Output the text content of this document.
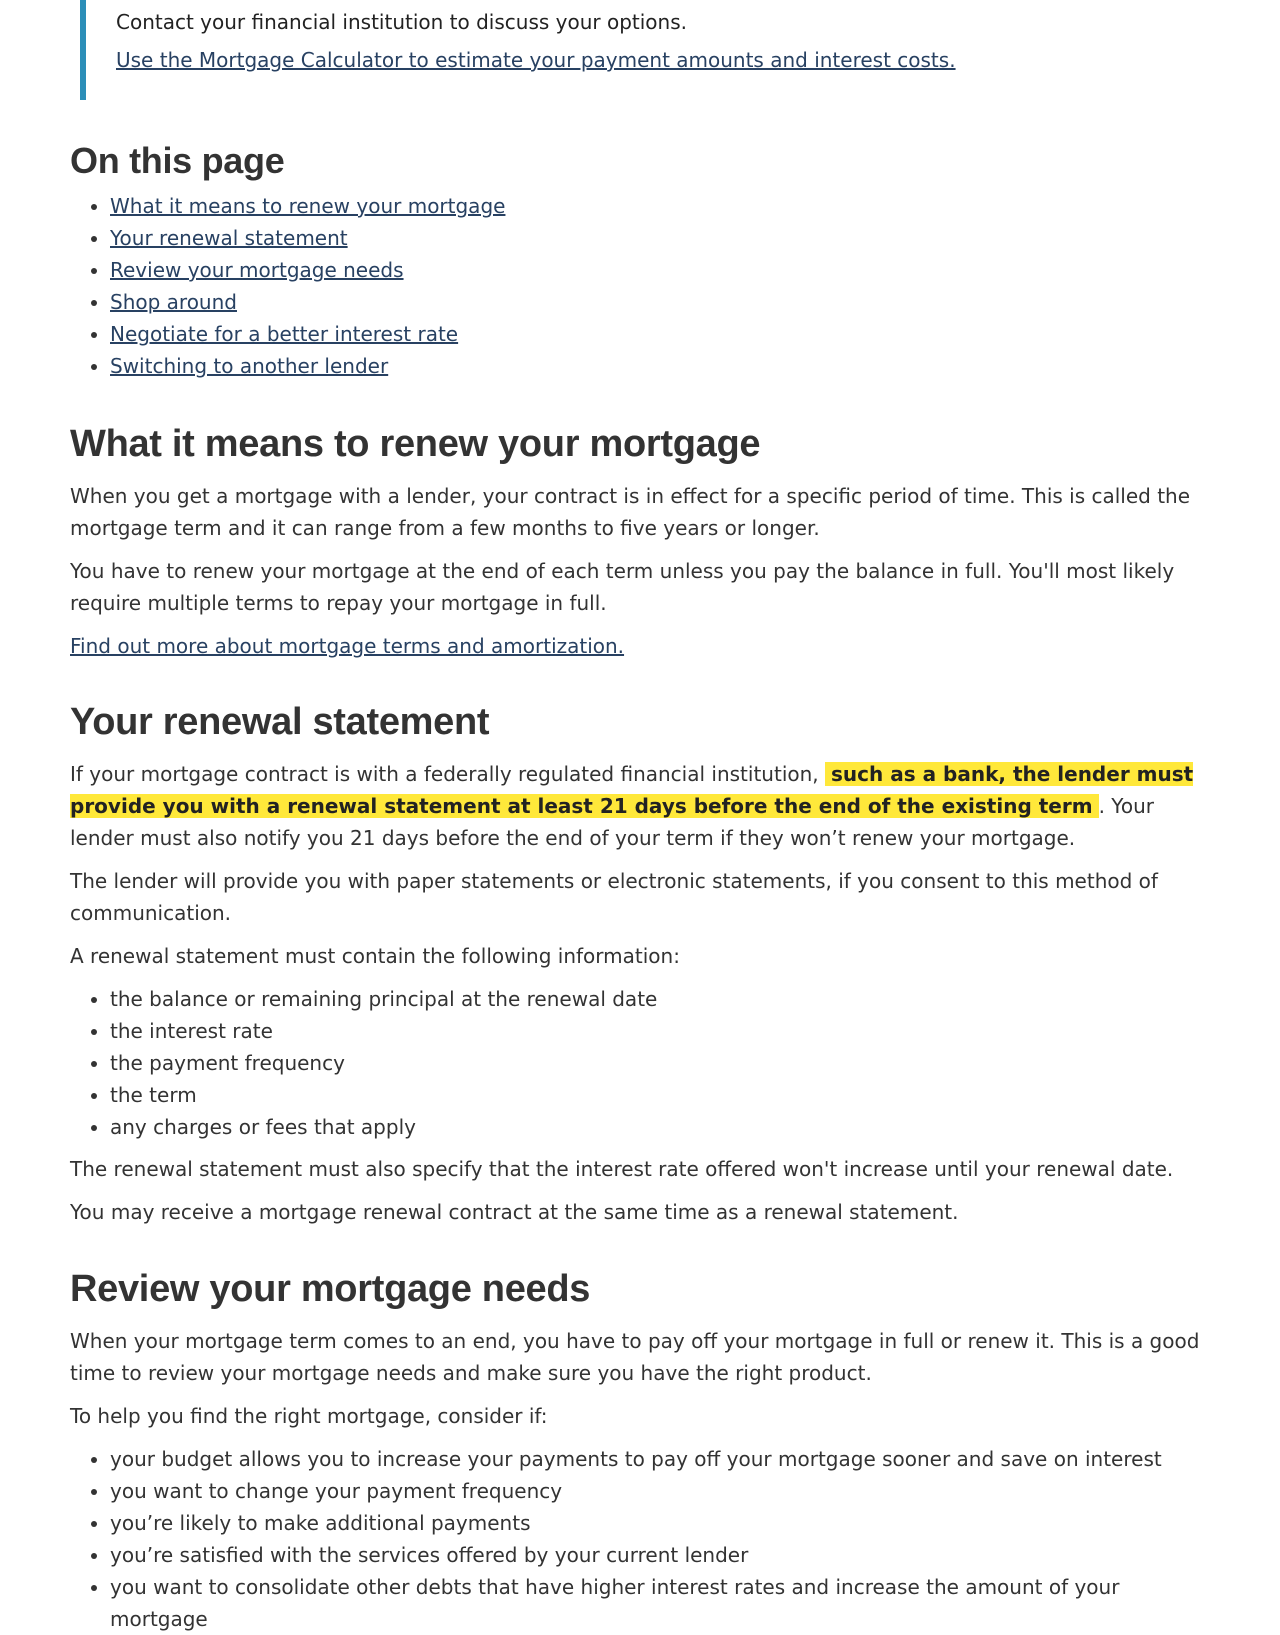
Contact your financial institution to discuss your options.

Use the Mortgage Calculator to estimate your payment amounts and interest costs.

On this page
• What it means to renew your mortgage
• Your renewal statement
• Review your mortgage needs
• Shop around
• Negotiate for a better interest rate
• Switching to another lender
What it means to renew your mortgage

When you get a mortgage with a lender, your contract is in effect for a specific period of time. This is called the mortgage term and it can range from a few months to five years or longer.

You have to renew your mortgage at the end of each term unless you pay the balance in full. You'll most likely require multiple terms to repay your mortgage in full.

Find out more about mortgage terms and amortization.

Your renewal statement

If your mortgage contract is with a federally regulated financial institution, such as a bank, the lender must provide you with a renewal statement at least 21 days before the end of the existing term . Your lender must also notify you 21 days before the end of your term if they won’t renew your mortgage.

The lender will provide you with paper statements or electronic statements, if you consent to this method of communication.

A renewal statement must contain the following information:

• the balance or remaining principal at the renewal date
• the interest rate
• the payment frequency
• the term
• any charges or fees that apply

The renewal statement must also specify that the interest rate offered won't increase until your renewal date.

You may receive a mortgage renewal contract at the same time as a renewal statement.

Review your mortgage needs

When your mortgage term comes to an end, you have to pay off your mortgage in full or renew it. This is a good time to review your mortgage needs and make sure you have the right product.

To help you find the right mortgage, consider if:

• your budget allows you to increase your payments to pay off your mortgage sooner and save on interest
• you want to change your payment frequency
• you’re likely to make additional payments
• you’re satisfied with the services offered by your current lender
• you want to consolidate other debts that have higher interest rates and increase the amount of your mortgage
